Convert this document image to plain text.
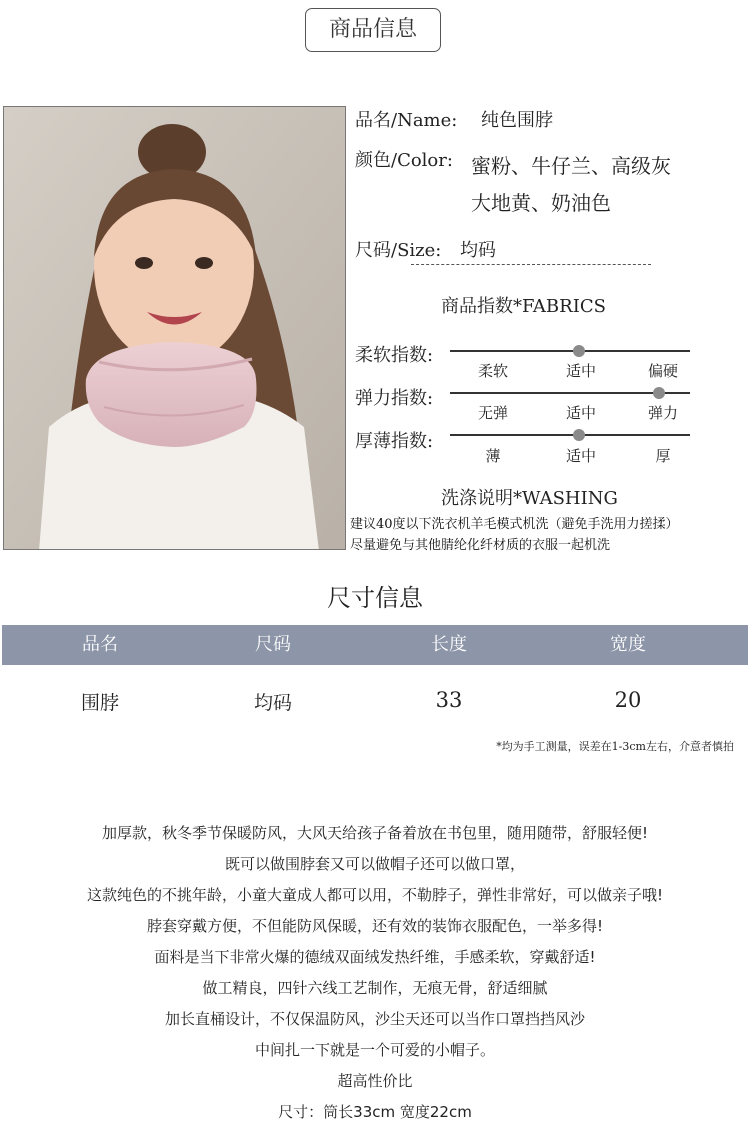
商品信息
品名/Name: 纯色围脖
颜色/Color: 蜜粉、牛仔兰、高级灰
大地黄、奶油色
尺码/Size: 均码
商品指数*FABRICS
柔软指数:
柔软	适中	偏硬
弹力指数:
无弹	适中	弹力
厚薄指数:
薄	适中	厚
洗涤说明*WASHING
建议40度以下洗衣机羊毛模式机洗（避免手洗用力搓揉）
尽量避免与其他腈纶化纤材质的衣服一起机洗
尺寸信息
品名	尺码	长度	宽度
围脖	均码	33	20
*均为手工测量，误差在1-3cm左右，介意者慎拍
加厚款，秋冬季节保暖防风，大风天给孩子备着放在书包里，随用随带，舒服轻便!
既可以做围脖套又可以做帽子还可以做口罩，
这款纯色的不挑年龄，小童大童成人都可以用，不勒脖子，弹性非常好，可以做亲子哦!
脖套穿戴方便，不但能防风保暖，还有效的装饰衣服配色，一举多得!
面料是当下非常火爆的德绒双面绒发热纤维，手感柔软，穿戴舒适!
做工精良，四针六线工艺制作，无痕无骨，舒适细腻
加长直桶设计，不仅保温防风，沙尘天还可以当作口罩挡挡风沙
中间扎一下就是一个可爱的小帽子。
超高性价比
尺寸：筒长33cm 宽度22cm
